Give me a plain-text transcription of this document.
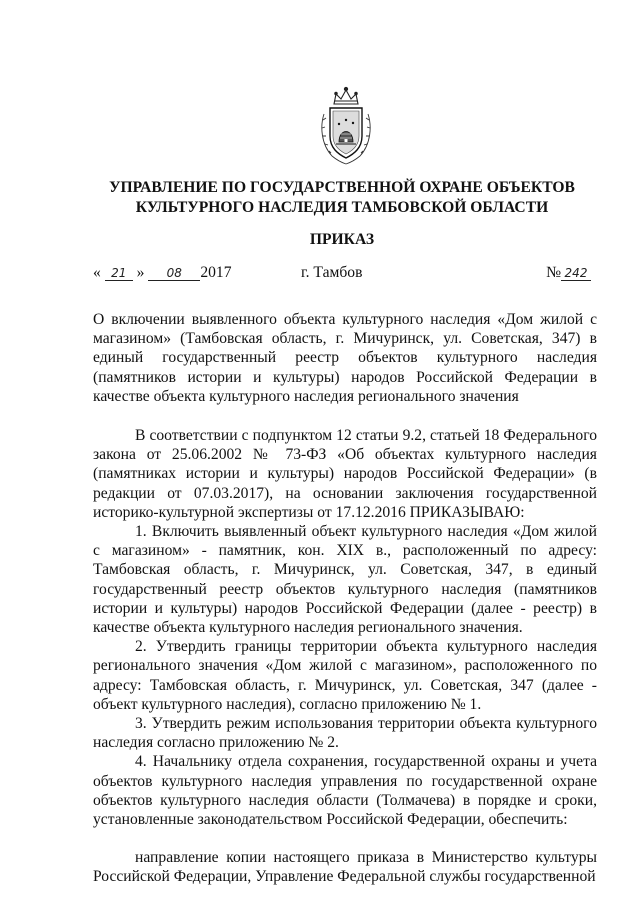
УПРАВЛЕНИЕ ПО ГОСУДАРСТВЕННОЙ ОХРАНЕ ОБЪЕКТОВ
КУЛЬТУРНОГО НАСЛЕДИЯ ТАМБОВСКОЙ ОБЛАСТИ
ПРИКАЗ
« 21 » 08 2017	г. Тамбов	№ 242
О включении выявленного объекта культурного наследия «Дом жилой с магазином» (Тамбовская область, г. Мичуринск, ул. Советская, 347) в единый государственный реестр объектов культурного наследия (памятников истории и культуры) народов Российской Федерации в качестве объекта культурного наследия регионального значения

В соответствии с подпунктом 12 статьи 9.2, статьей 18 Федерального закона от 25.06.2002 № 73-ФЗ «Об объектах культурного наследия (памятниках истории и культуры) народов Российской Федерации» (в редакции от 07.03.2017), на основании заключения государственной историко-культурной экспертизы от 17.12.2016 ПРИКАЗЫВАЮ:

1. Включить выявленный объект культурного наследия «Дом жилой с магазином» - памятник, кон. XIX в., расположенный по адресу: Тамбовская область, г. Мичуринск, ул. Советская, 347, в единый государственный реестр объектов культурного наследия (памятников истории и культуры) народов Российской Федерации (далее - реестр) в качестве объекта культурного наследия регионального значения.

2. Утвердить границы территории объекта культурного наследия регионального значения «Дом жилой с магазином», расположенного по адресу: Тамбовская область, г. Мичуринск, ул. Советская, 347 (далее - объект культурного наследия), согласно приложению № 1.

3. Утвердить режим использования территории объекта культурного наследия согласно приложению № 2.

4. Начальнику отдела сохранения, государственной охраны и учета объектов культурного наследия управления по государственной охране объектов культурного наследия области (Толмачева) в порядке и сроки, установленные законодательством Российской Федерации, обеспечить:

направление копии настоящего приказа в Министерство культуры Российской Федерации, Управление Федеральной службы государственной
